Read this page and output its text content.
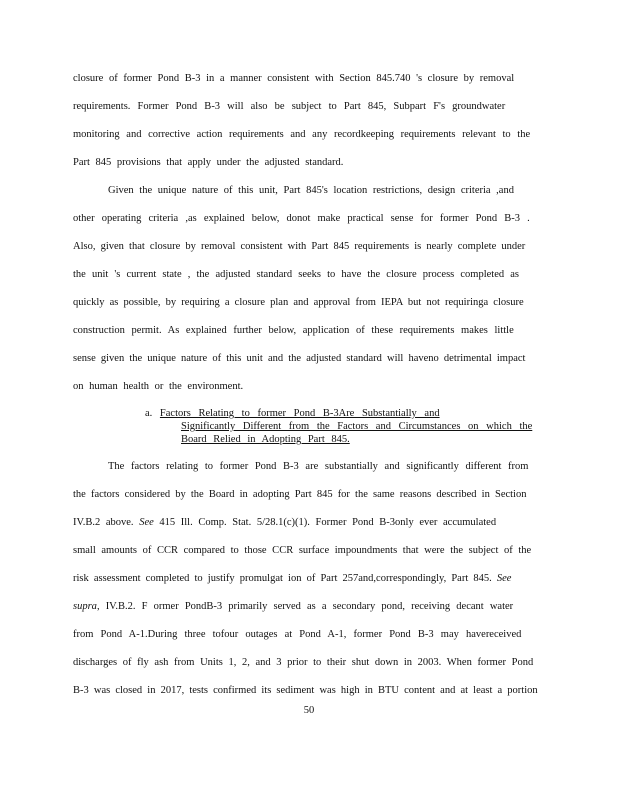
closure of former Pond B-3 in a manner consistent with Section 845.740 's closure by removal
requirements. Former Pond B-3 will also be subject to Part 845, Subpart F's groundwater
monitoring and corrective action requirements and any recordkeeping requirements relevant to the
Part 845 provisions that apply under the adjusted standard.
Given the unique nature of this unit, Part 845's location restrictions, design criteria ,and
other operating criteria ,as explained below, donot make practical sense for former Pond B-3 .
Also, given that closure by removal consistent with Part 845 requirements is nearly complete under
the unit 's current state , the adjusted standard seeks to have the closure process completed as
quickly as possible, by requiring a closure plan and approval from IEPA but not requiringa closure
construction permit. As explained further below, application of these requirements makes little
sense given the unique nature of this unit and the adjusted standard will haveno detrimental impact
on human health or the environment.
a. Factors Relating to former Pond B-3Are Substantially and
Significantly Different from the Factors and Circumstances on which the
Board Relied in Adopting Part 845.
The factors relating to former Pond B-3 are substantially and significantly different from
the factors considered by the Board in adopting Part 845 for the same reasons described in Section
IV.B.2 above. See 415 Ill. Comp. Stat. 5/28.1(c)(1). Former Pond B-3only ever accumulated
small amounts of CCR compared to those CCR surface impoundments that were the subject of the
risk assessment completed to justify promulgat ion of Part 257and,correspondingly, Part 845. See
supra, IV.B.2. F ormer PondB-3 primarily served as a secondary pond, receiving decant water
from Pond A-1.During three tofour outages at Pond A-1, former Pond B-3 may havereceived
discharges of fly ash from Units 1, 2, and 3 prior to their shut down in 2003. When former Pond
B-3 was closed in 2017, tests confirmed its sediment was high in BTU content and at least a portion
50
